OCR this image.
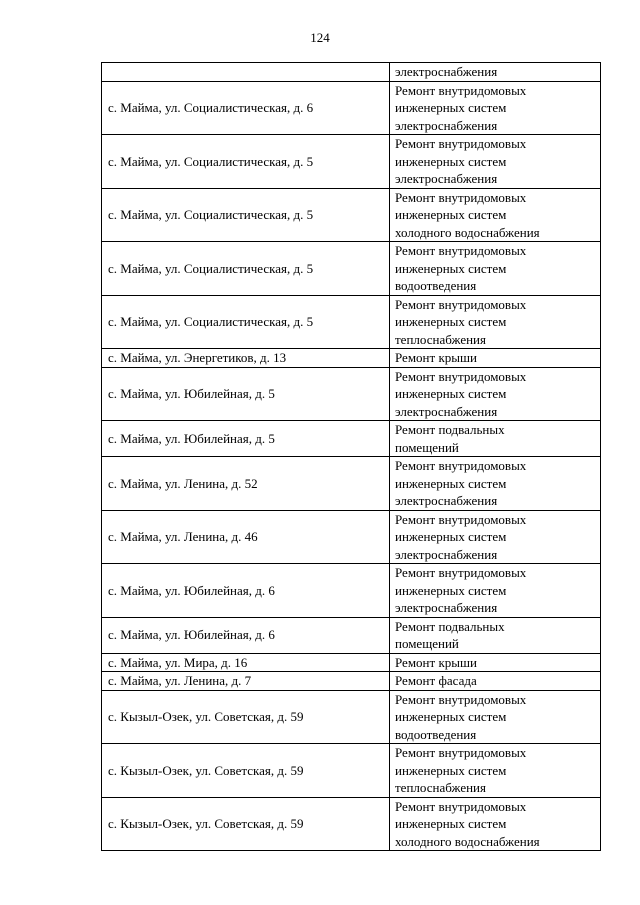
124

	электроснабжения

с. Майма, ул. Социалистическая, д. 6	Ремонт внутридомовых
инженерных систем
электроснабжения

с. Майма, ул. Социалистическая, д. 5	Ремонт внутридомовых
инженерных систем
электроснабжения

с. Майма, ул. Социалистическая, д. 5	Ремонт внутридомовых
инженерных систем
холодного водоснабжения

с. Майма, ул. Социалистическая, д. 5	Ремонт внутридомовых
инженерных систем
водоотведения

с. Майма, ул. Социалистическая, д. 5	Ремонт внутридомовых
инженерных систем
теплоснабжения

с. Майма, ул. Энергетиков, д. 13	Ремонт крыши

с. Майма, ул. Юбилейная, д. 5	Ремонт внутридомовых
инженерных систем
электроснабжения

с. Майма, ул. Юбилейная, д. 5	Ремонт подвальных
помещений

с. Майма, ул. Ленина, д. 52	Ремонт внутридомовых
инженерных систем
электроснабжения

с. Майма, ул. Ленина, д. 46	Ремонт внутридомовых
инженерных систем
электроснабжения

с. Майма, ул. Юбилейная, д. 6	Ремонт внутридомовых
инженерных систем
электроснабжения

с. Майма, ул. Юбилейная, д. 6	Ремонт подвальных
помещений

с. Майма, ул. Мира, д. 16	Ремонт крыши

с. Майма, ул. Ленина, д. 7	Ремонт фасада

с. Кызыл-Озек, ул. Советская, д. 59	Ремонт внутридомовых
инженерных систем
водоотведения

с. Кызыл-Озек, ул. Советская, д. 59	Ремонт внутридомовых
инженерных систем
теплоснабжения

с. Кызыл-Озек, ул. Советская, д. 59	Ремонт внутридомовых
инженерных систем
холодного водоснабжения
